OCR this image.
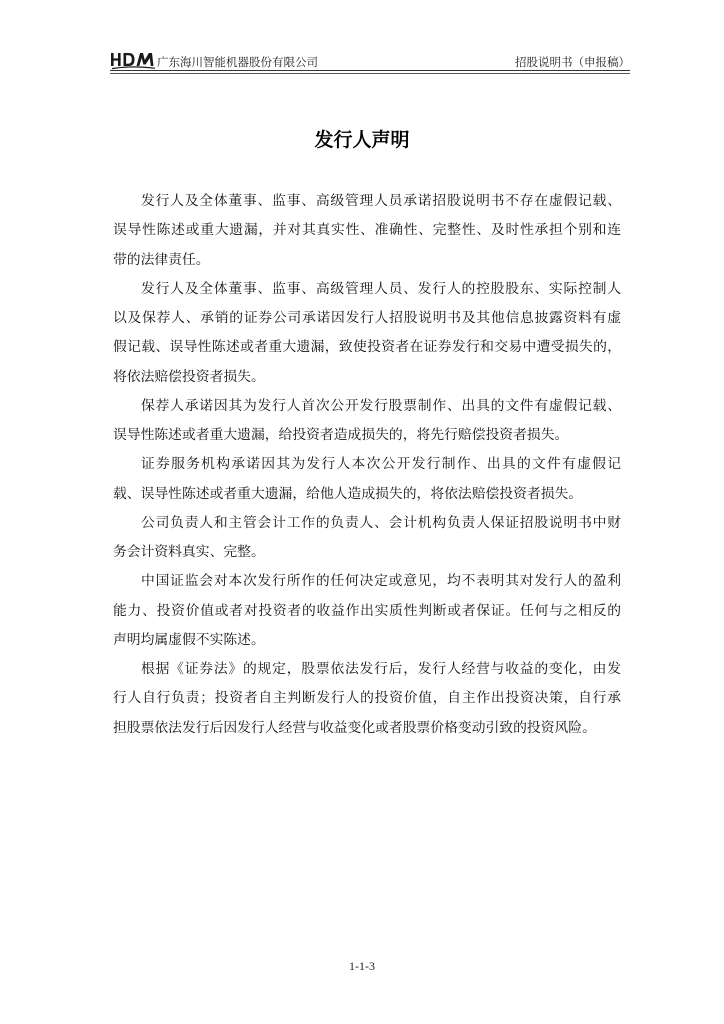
广东海川智能机器股份有限公司	招股说明书（申报稿）
发行人声明
发行人及全体董事、监事、高级管理人员承诺招股说明书不存在虚假记载、
误导性陈述或重大遗漏，并对其真实性、准确性、完整性、及时性承担个别和连
带的法律责任。
发行人及全体董事、监事、高级管理人员、发行人的控股股东、实际控制人
以及保荐人、承销的证券公司承诺因发行人招股说明书及其他信息披露资料有虚
假记载、误导性陈述或者重大遗漏，致使投资者在证券发行和交易中遭受损失的，
将依法赔偿投资者损失。
保荐人承诺因其为发行人首次公开发行股票制作、出具的文件有虚假记载、
误导性陈述或者重大遗漏，给投资者造成损失的，将先行赔偿投资者损失。
证券服务机构承诺因其为发行人本次公开发行制作、出具的文件有虚假记
载、误导性陈述或者重大遗漏，给他人造成损失的，将依法赔偿投资者损失。
公司负责人和主管会计工作的负责人、会计机构负责人保证招股说明书中财
务会计资料真实、完整。
中国证监会对本次发行所作的任何决定或意见，均不表明其对发行人的盈利
能力、投资价值或者对投资者的收益作出实质性判断或者保证。任何与之相反的
声明均属虚假不实陈述。
根据《证券法》的规定，股票依法发行后，发行人经营与收益的变化，由发
行人自行负责；投资者自主判断发行人的投资价值，自主作出投资决策，自行承
担股票依法发行后因发行人经营与收益变化或者股票价格变动引致的投资风险。
1-1-3
